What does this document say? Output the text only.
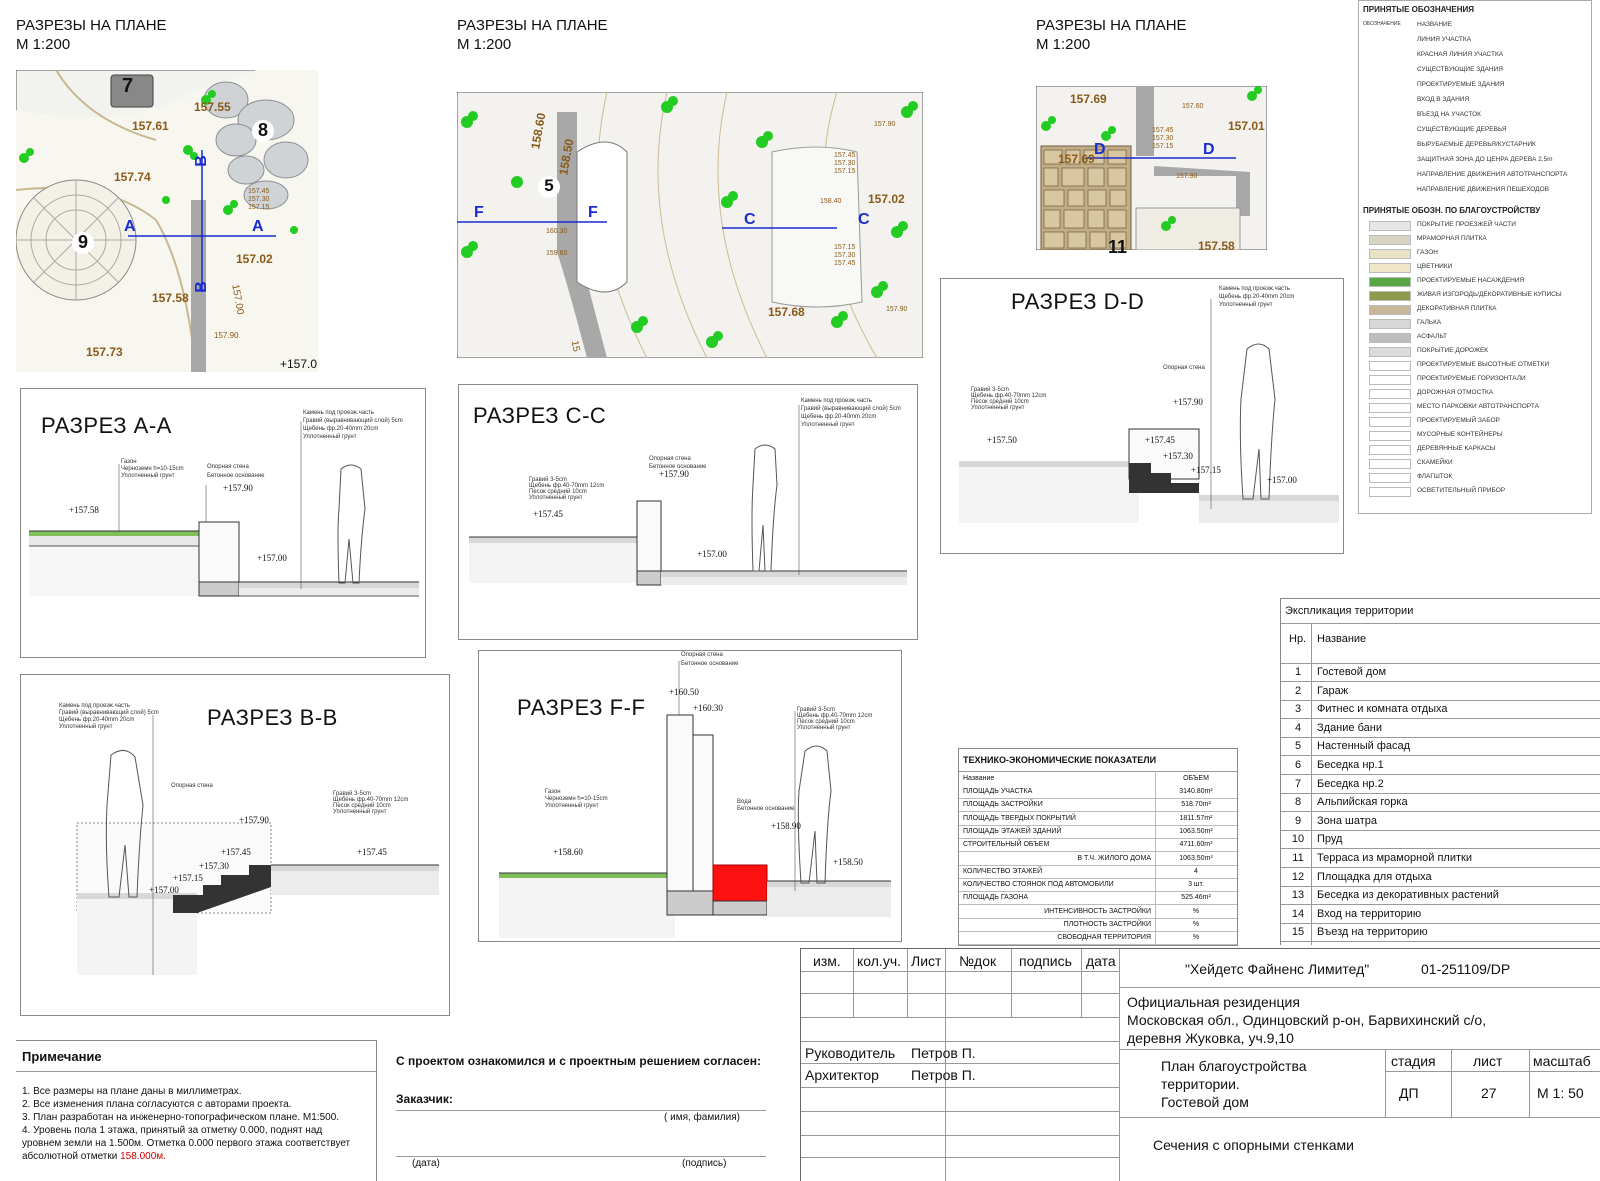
РАЗРЕЗЫ НА ПЛАНЕ
М 1:200
РАЗРЕЗЫ НА ПЛАНЕ
М 1:200
РАЗРЕЗЫ НА ПЛАНЕ
М 1:200
157.00
A	A
B
B
7
8
9
157.55
157.61
157.74
157.02
157.58
157.73
+157.0
157.90
157.45
157.30
157.15
15
F	F	C	C
5
158.60
158.50
157.02
157.68
157.90
157.90
157.45
157.30
157.15
157.15
157.30
157.45
158.40
160.30
159.60
D	D
11
157.69
157.01
157.69
157.58
157.45
157.30
157.15
157.90
157.60
РАЗРЕЗ А-А
+157.58
+157.90
+157.00
Газон
Черноземн h=10-15cm
Уплотненный грунт
Опорная стена
Бетонное основание
Камень под проезж.часть
Гравий (выравнивающий слой) 5cm
Щебень фр.20-40mm 20cm
Уплотненный грунт
РАЗРЕЗ С-С
+157.90
+157.45
+157.00
Камень под проезж.часть
Гравий (выравнивающий слой) 5cm
Щебень фр.20-40mm 20cm
Уплотненный грунт
Опорная стена
Бетонное основание
Гравий 3-5cm
Щебень фр.40-70mm 12cm
Песок средний 10cm
Уплотненный грунт
РАЗРЕЗ D-D
+157.90
+157.50	+157.45
+157.30
+157.15
+157.00
Камень под проезж.часть
Щебень фр.20-40mm 20cm
Уплотненный грунт
Опорная стена
Гравий 3-5cm
Щебень фр.40-70mm 12cm
Песок средний 10cm
Уплотненный грунт
РАЗРЕЗ В-В
+157.90
+157.45
+157.30
+157.15
+157.00
+157.45
Камень под проезж.часть
Гравий (выравнивающий слой) 5cm
Щебень фр.20-40mm 20cm
Уплотненный грунт
Опорная стена
Гравий 3-5cm
Щебень фр.40-70mm 12cm
Песок средний 10cm
Уплотненный грунт
РАЗРЕЗ F-F
+160.50
+160.30
+158.90
+158.60
+158.50
Опорная стена
Бетонное основание
Газон
Черноземн h=10-15cm
Уплотненный грунт
Вода
Бетонное основание
Гравий 3-5cm
Щебень фр.40-70mm 12cm
Песок средний 10cm
Уплотненный грунт
ПРИНЯТЫЕ ОБОЗНАЧЕНИЯ
ПРИНЯТЫЕ ОБОЗН. ПО БЛАГОУСТРОЙСТВУ
ОБОЗНАЧЕНИЕ НАЗВАНИЕ
ЛИНИЯ УЧАСТКА
КРАСНАЯ ЛИНИЯ УЧАСТКА
СУЩЕСТВУЮЩИЕ ЗДАНИЯ
ПРОЕКТИРУЕМЫЕ ЗДАНИЯ
ВХОД В ЗДАНИЯ
ВЪЕЗД НА УЧАСТОК
СУЩЕСТВУЮЩИЕ ДЕРЕВЬЯ
ВЫРУБАЕМЫЕ ДЕРЕВЬЯ/КУСТАРНИК
ЗАЩИТНАЯ ЗОНА ДО ЦЕНРА ДЕРЕВА 2.5m
НАПРАВЛЕНИЕ ДВИЖЕНИЯ АВТОТРАНСПОРТА
НАПРАВЛЕНИЕ ДВИЖЕНИЯ ПЕШЕХОДОВ
ПОКРЫТИЕ ПРОЕЗЖЕЙ ЧАСТИ
МРАМОРНАЯ ПЛИТКА
ГАЗОН
ЦВЕТНИКИ
ПРОЕКТИРУЕМЫЕ НАСАЖДЕНИЯ
ЖИВАЯ ИЗГОРОДЬ/ДЕКОРАТИВНЫЕ КУПИСЫ
ДЕКОРАТИВНАЯ ПЛИТКА
ГАЛЬКА
АСФАЛЬТ
ПОКРЫТИЕ ДОРОЖЕК
ПРОЕКТИРУЕМЫЕ ВЫСОТНЫЕ ОТМЕТКИ
ПРОЕКТИРУЕМЫЕ ГОРИЗОНТАЛИ
ДОРОЖНАЯ ОТМОСТКА
МЕСТО ПАРКОВКИ АВТОТРАНСПОРТА
ПРОЕКТИРУЕМЫЙ ЗАБОР
МУСОРНЫЕ КОНТЕЙНЕРЫ
ДЕРЕВЯННЫЕ КАРКАСЫ
СКАМЕЙКИ
ФЛАГШТОК
ОСВЕТИТЕЛЬНЫЙ ПРИБОР
Экспликация территории
Нр. Название
1	Гостевой дом
2	Гараж
3	Фитнес и комната отдыха
4	Здание бани
5	Настенный фасад
6	Беседка нр.1
7	Беседка нр.2
8	Альпийская горка
9	Зона шатра
10	Пруд
11	Терраса из мраморной плитки
12	Площадка для отдыха
13	Беседка из декоративных растений
14	Вход на территорию
15	Въезд на территорию
ТЕХНИКО-ЭКОНОМИЧЕСКИЕ ПОКАЗАТЕЛИ
Название	ОБЪЕМ
ПЛОЩАДЬ УЧАСТКА	3140.80m²
ПЛОЩАДЬ ЗАСТРОЙКИ	518.70m²
ПЛОЩАДЬ ТВЕРДЫХ ПОКРЫТИЙ	1811.57m²
ПЛОЩАДЬ ЭТАЖЕЙ ЗДАНИЙ	1063.50m²
СТРОИТЕЛЬНЫЙ ОБЪЕМ	4711.60m³
В Т.Ч. ЖИЛОГО ДОМА	1063.50m³
КОЛИЧЕСТВО ЭТАЖЕЙ	4
КОЛИЧЕСТВО СТОЯНОК ПОД АВТОМОБИЛИ	3 шт.
ПЛОЩАДЬ ГАЗОНА	525.46m²
ИНТЕНСИВНОСТЬ ЗАСТРОЙКИ	%
ПЛОТНОСТЬ ЗАСТРОЙКИ	%
СВОБОДНАЯ ТЕРРИТОРИЯ	%
Примечание
1. Все размеры на плане даны в миллиметрах.
2. Все изменения плана согласуются с авторами проекта.
3. План разработан на инженерно-топографическом плане. М1:500.
4. Уровень пола 1 этажа, принятый за отметку 0.000, поднят над уровнем земли на 1.500м. Отметка 0.000 первого этажа соответствует абсолютной отметки 158.000м.
С проектом ознакомился и с проектным решением согласен:
Заказчик:
( имя, фамилия)
(дата)	(подпись)
изм. кол.уч. Лист №док подпись дата
Руководитель Петров П.
Архитектор Петров П.
"Хейдетс Файненс Лимитед"	01-251109/DP
Официальная резиденция
Московская обл., Одинцовский р-он, Барвихинский с/о,
деревня Жуковка, уч.9,10
План благоустройства
территории.
Гостевой дом
стадия	лист масштаб
ДП	27	М 1: 50
Сечения с опорными стенками
